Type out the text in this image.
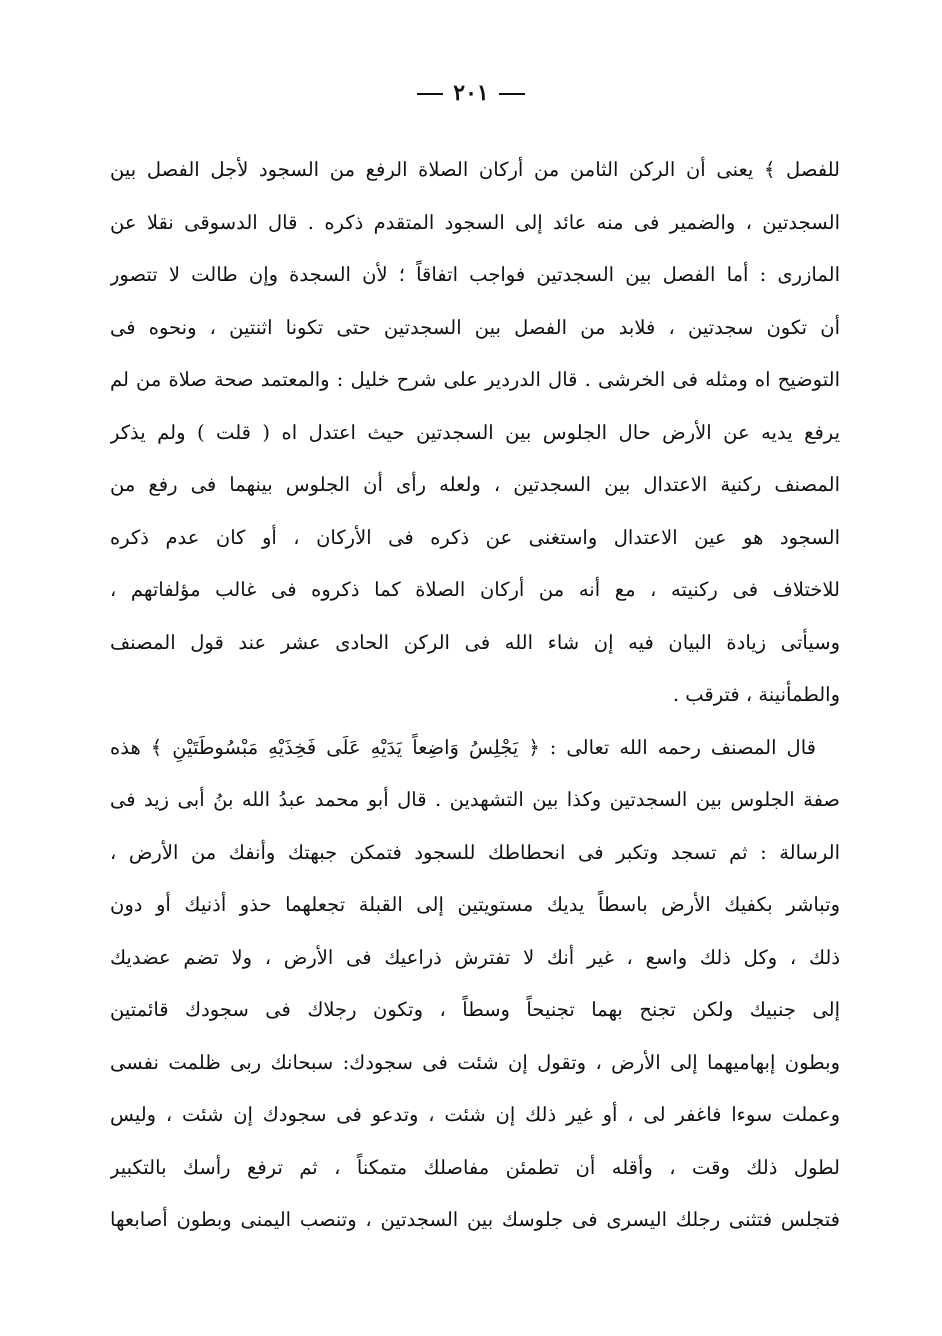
٢٠١
للفصل ﴾ يعنى أن الركن الثامن من أركان الصلاة الرفع من السجود لأجل الفصل بين
السجدتين ، والضمير فى منه عائد إلى السجود المتقدم ذكره . قال الدسوقى نقلا عن
المازرى : أما الفصل بين السجدتين فواجب اتفاقاً ؛ لأن السجدة وإن طالت لا تتصور
أن تكون سجدتين ، فلابد من الفصل بين السجدتين حتى تكونا اثنتين ، ونحوه فى
التوضيح اه ومثله فى الخرشى . قال الدردير على شرح خليل : والمعتمد صحة صلاة من لم
يرفع يديه عن الأرض حال الجلوس بين السجدتين حيث اعتدل اه ( قلت ) ولم يذكر
المصنف ركنية الاعتدال بين السجدتين ، ولعله رأى أن الجلوس بينهما فى رفع من
السجود هو عين الاعتدال واستغنى عن ذكره فى الأركان ، أو كان عدم ذكره
للاختلاف فى ركنيته ، مع أنه من أركان الصلاة كما ذكروه فى غالب مؤلفاتهم ،
وسيأتى زيادة البيان فيه إن شاء الله فى الركن الحادى عشر عند قول المصنف
والطمأنينة ، فترقب .
قال المصنف رحمه الله تعالى : ﴿ يَجْلِسُ وَاضِعاً يَدَيْهِ عَلَى فَخِذَيْهِ مَبْسُوطَتَيْنِ ﴾ هذه
صفة الجلوس بين السجدتين وكذا بين التشهدين . قال أبو محمد عبدُ الله بنُ أبى زيد فى
الرسالة : ثم تسجد وتكبر فى انحطاطك للسجود فتمكن جبهتك وأنفك من الأرض ،
وتباشر بكفيك الأرض باسطاً يديك مستويتين إلى القبلة تجعلهما حذو أذنيك أو دون
ذلك ، وكل ذلك واسع ، غير أنك لا تفترش ذراعيك فى الأرض ، ولا تضم عضديك
إلى جنبيك ولكن تجنح بهما تجنيحاً وسطاً ، وتكون رجلاك فى سجودك قائمتين
وبطون إبهاميهما إلى الأرض ، وتقول إن شئت فى سجودك: سبحانك ربى ظلمت نفسى
وعملت سوءا فاغفر لى ، أو غير ذلك إن شئت ، وتدعو فى سجودك إن شئت ، وليس
لطول ذلك وقت ، وأقله أن تطمئن مفاصلك متمكناً ، ثم ترفع رأسك بالتكبير
فتجلس فتثنى رجلك اليسرى فى جلوسك بين السجدتين ، وتنصب اليمنى وبطون أصابعها
